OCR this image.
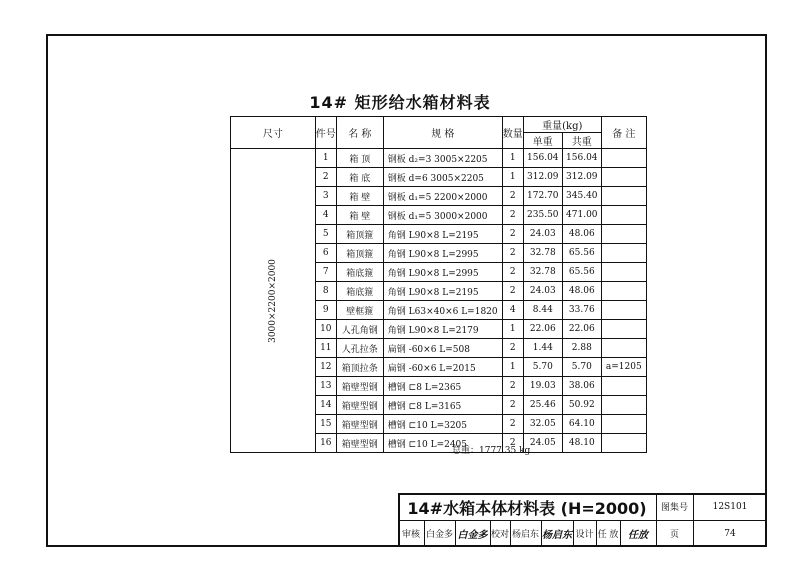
14# 矩形给水箱材料表
尺寸	件号	名 称	规 格	数量	重量(kg)		备 注
					单重	共重	
3000×2200×2000	1	箱 顶	钢板 d₂=3 3005×2205	1	156.04	156.04	
	2	箱 底	钢板 d=6 3005×2205	1	312.09	312.09	
	3	箱 壁	钢板 d₁=5 2200×2000	2	172.70	345.40	
	4	箱 壁	钢板 d₁=5 3000×2000	2	235.50	471.00	
	5	箱顶箍	角钢 L90×8 L=2195	2	24.03	48.06	
	6	箱顶箍	角钢 L90×8 L=2995	2	32.78	65.56	
	7	箱底箍	角钢 L90×8 L=2995	2	32.78	65.56	
	8	箱底箍	角钢 L90×8 L=2195	2	24.03	48.06	
	9	壁框箍	角钢 L63×40×6 L=1820	4	8.44	33.76	
	10	人孔角钢	角钢 L90×8 L=2179	1	22.06	22.06	
	11	人孔拉条	扁钢 -60×6 L=508	2	1.44	2.88	
	12	箱顶拉条	扁钢 -60×6 L=2015	1	5.70	5.70	a=1205
	13	箱壁型钢	槽钢 ⊏8 L=2365	2	19.03	38.06	
	14	箱壁型钢	槽钢 ⊏8 L=3165	2	25.46	50.92	
	15	箱壁型钢	槽钢 ⊏10 L=3205	2	32.05	64.10	
	16	箱壁型钢	槽钢 ⊏10 L=2405	2	24.05	48.10	
总重：1777.35 kg
14#水箱本体材料表 (H=2000)	图集号	12S101
审核 白金多 白金多 校对 杨启东 杨启东 设计 任 放 任放	页	74
